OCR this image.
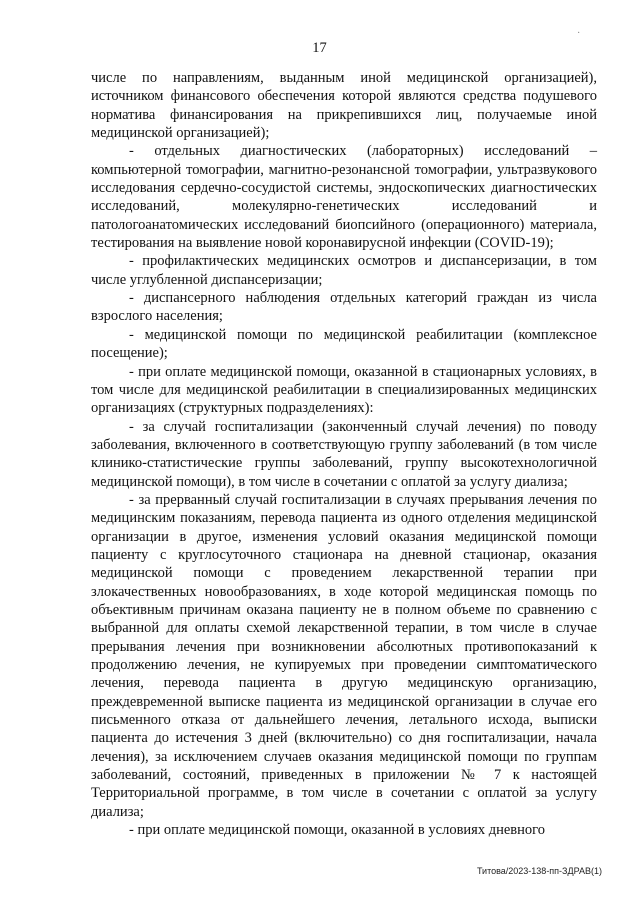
17
·

числе по направлениям, выданным иной медицинской организацией), источником финансового обеспечения которой являются средства подушевого норматива финансирования на прикрепившихся лиц, получаемые иной медицинской организацией);

- отдельных диагностических (лабораторных) исследований – компьютерной томографии, магнитно-резонансной томографии, ультразвукового исследования сердечно-сосудистой системы, эндоскопических диагностических исследований, молекулярно-генетических исследований и патологоанатомических исследований биопсийного (операционного) материала, тестирования на выявление новой коронавирусной инфекции (COVID-19);

- профилактических медицинских осмотров и диспансеризации, в том числе углубленной диспансеризации;

- диспансерного наблюдения отдельных категорий граждан из числа взрослого населения;

- медицинской помощи по медицинской реабилитации (комплексное посещение);

- при оплате медицинской помощи, оказанной в стационарных условиях, в том числе для медицинской реабилитации в специализированных медицинских организациях (структурных подразделениях):

- за случай госпитализации (законченный случай лечения) по поводу заболевания, включенного в соответствующую группу заболеваний (в том числе клинико-статистические группы заболеваний, группу высокотехнологичной медицинской помощи), в том числе в сочетании с оплатой за услугу диализа;

- за прерванный случай госпитализации в случаях прерывания лечения по медицинским показаниям, перевода пациента из одного отделения медицинской организации в другое, изменения условий оказания медицинской помощи пациенту с круглосуточного стационара на дневной стационар, оказания медицинской помощи с проведением лекарственной терапии при злокачественных новообразованиях, в ходе которой медицинская помощь по объективным причинам оказана пациенту не в полном объеме по сравнению с выбранной для оплаты схемой лекарственной терапии, в том числе в случае прерывания лечения при возникновении абсолютных противопоказаний к продолжению лечения, не купируемых при проведении симптоматического лечения, перевода пациента в другую медицинскую организацию, преждевременной выписке пациента из медицинской организации в случае его письменного отказа от дальнейшего лечения, летального исхода, выписки пациента до истечения 3 дней (включительно) со дня госпитализации, начала лечения), за исключением случаев оказания медицинской помощи по группам заболеваний, состояний, приведенных в приложении № 7 к настоящей Территориальной программе, в том числе в сочетании с оплатой за услугу диализа;

- при оплате медицинской помощи, оказанной в условиях дневного

Титова/2023-138-пп-ЗДРАВ(1)
